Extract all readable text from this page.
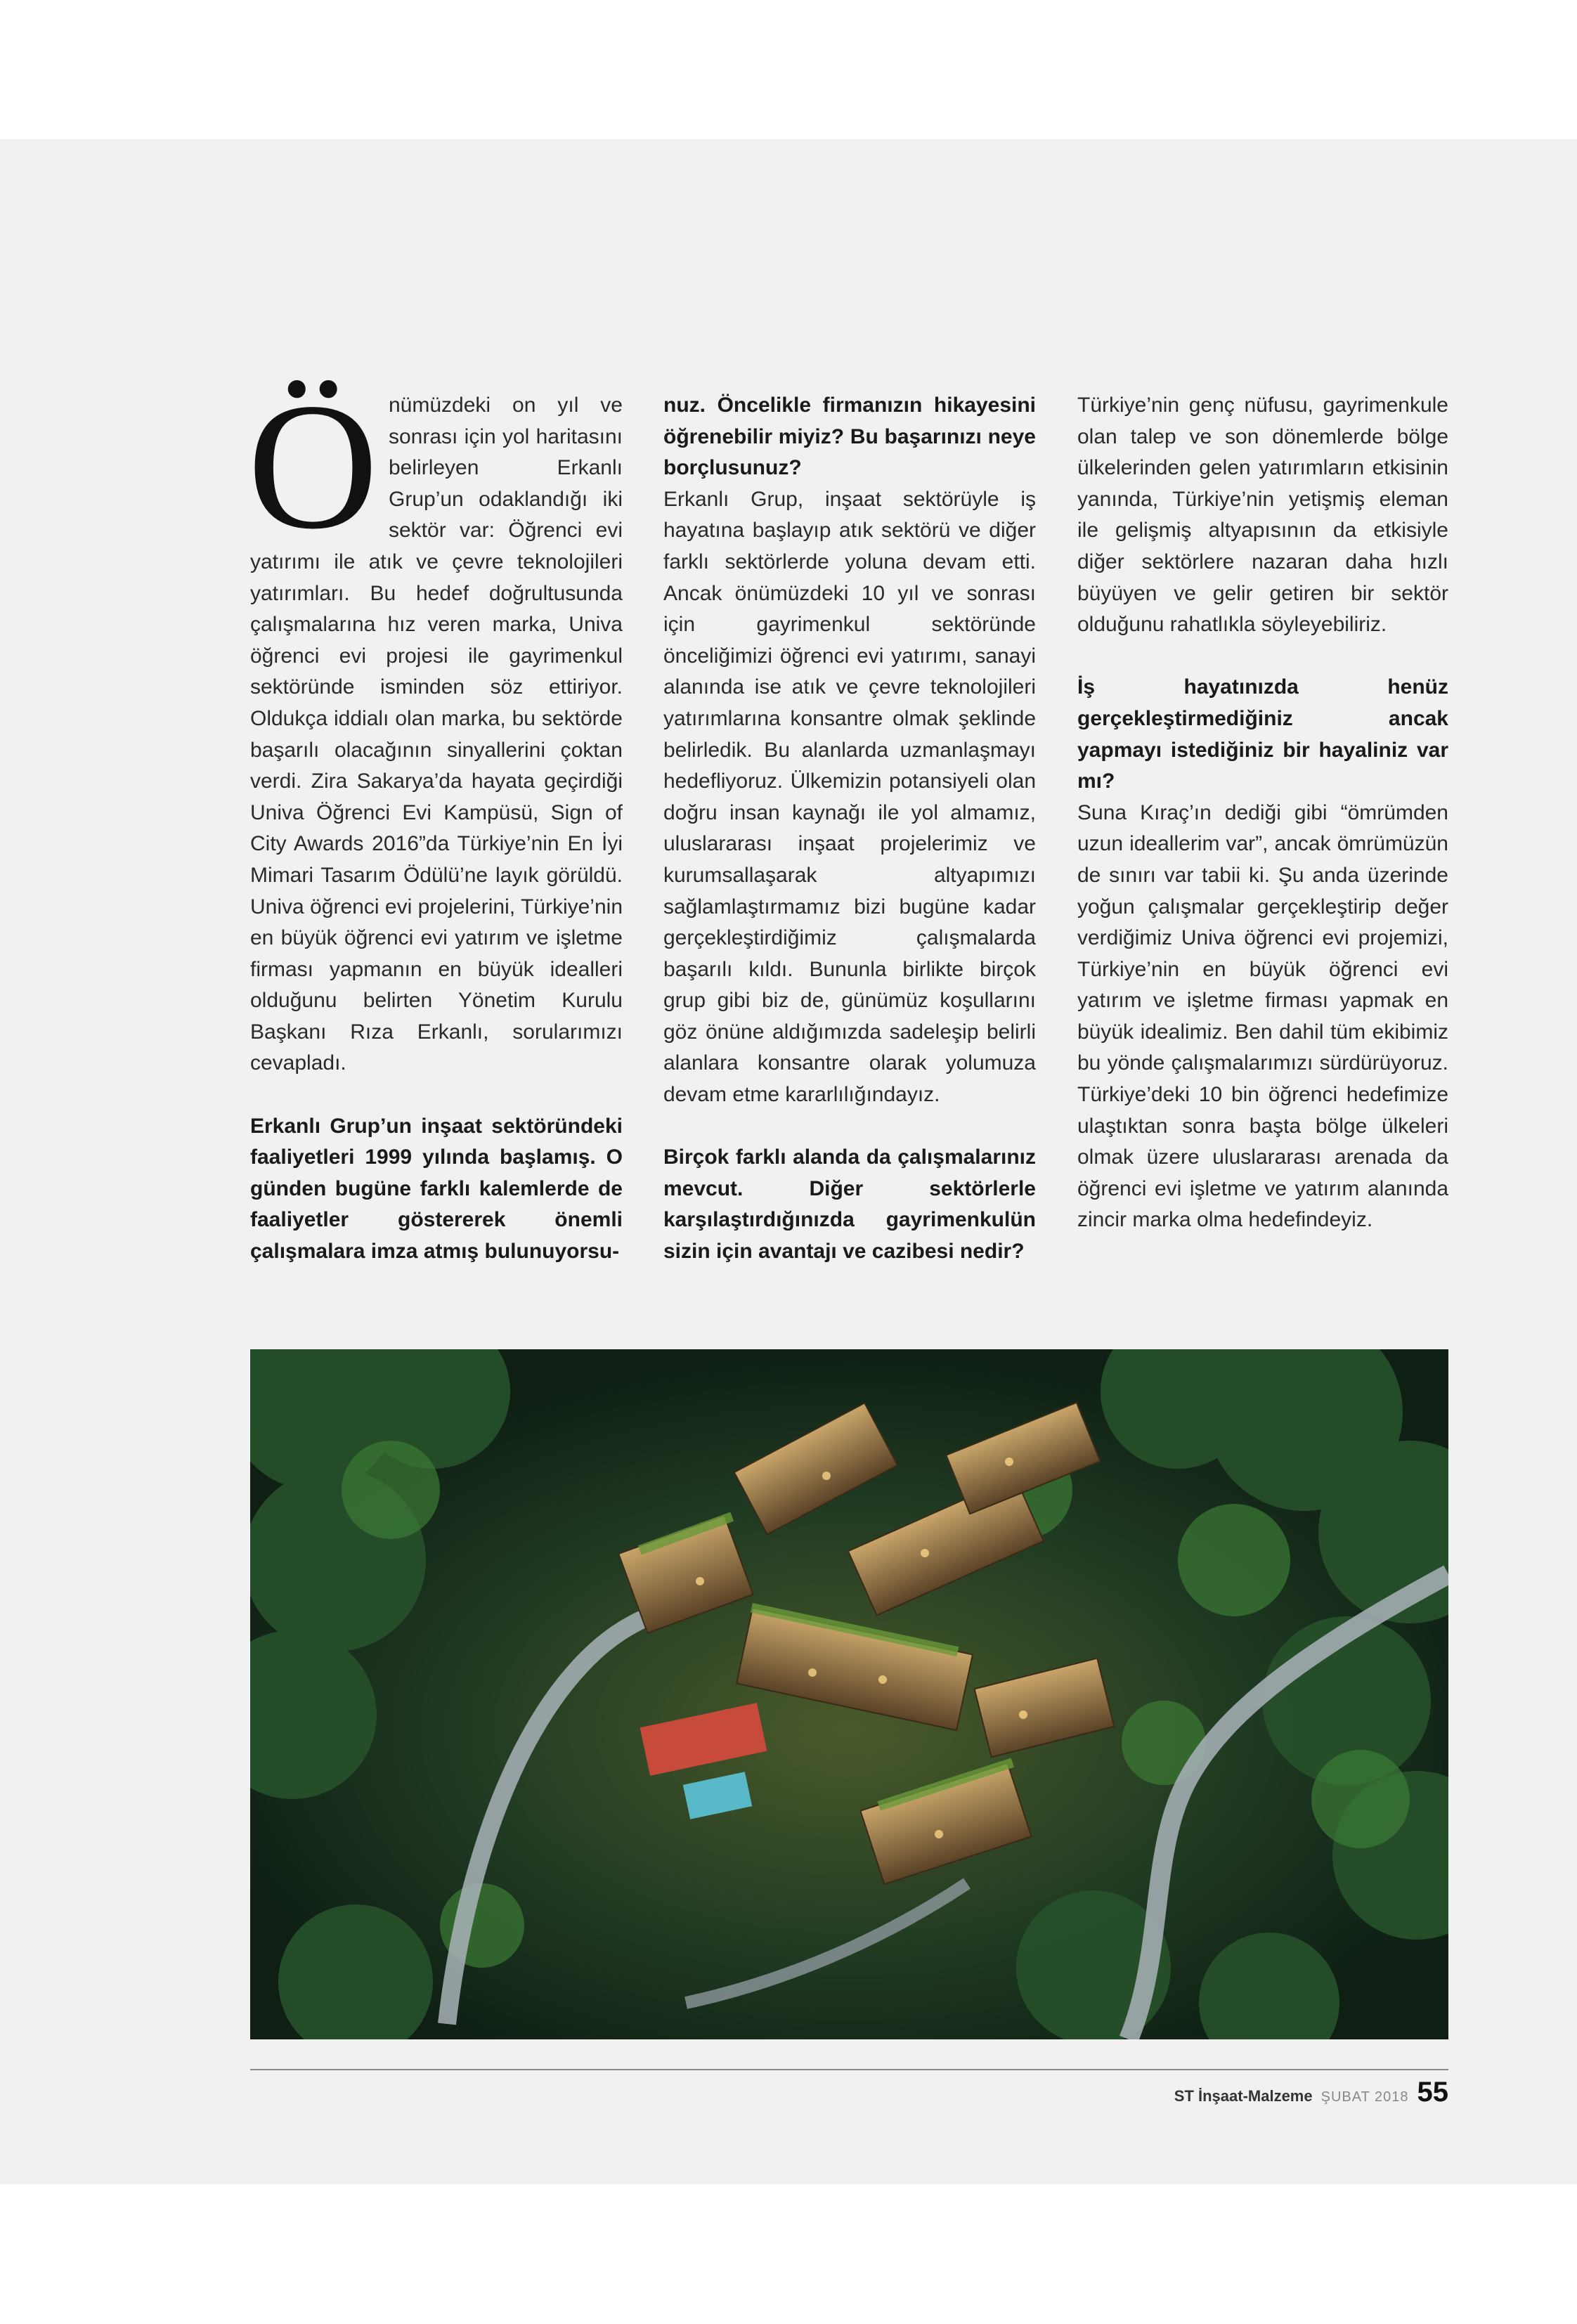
Ö nümüzdeki on yıl ve sonrası için yol haritasını belirleyen Erkanlı Grup’un odaklandığı iki sektör var: Öğrenci evi yatırımı ile atık ve çevre teknolojileri yatırımları. Bu hedef doğrultusunda çalışmalarına hız veren marka, Univa öğrenci evi projesi ile gayrimenkul sektöründe isminden söz ettiriyor. Oldukça iddialı olan marka, bu sektörde başarılı olacağının sinyallerini çoktan verdi. Zira Sakarya’da hayata geçirdiği Univa Öğrenci Evi Kampüsü, Sign of City Awards 2016”da Türkiye’nin En İyi Mimari Tasarım Ödülü’ne layık görüldü. Univa öğrenci evi projelerini, Türkiye’nin en büyük öğrenci evi yatırım ve işletme firması yapmanın en büyük idealleri olduğunu belirten Yönetim Kurulu Başkanı Rıza Erkanlı, sorularımızı cevapladı.

Erkanlı Grup’un inşaat sektöründeki faaliyetleri 1999 yılında başlamış. O günden bugüne farklı kalemlerde de faaliyetler göstererek önemli çalışmalara imza atmış bulunuyorsu-

nuz. Öncelikle firmanızın hikayesini öğrenebilir miyiz? Bu başarınızı neye borçlusunuz?

Erkanlı Grup, inşaat sektörüyle iş hayatına başlayıp atık sektörü ve diğer farklı sektörlerde yoluna devam etti. Ancak önümüzdeki 10 yıl ve sonrası için gayrimenkul sektöründe önceliğimizi öğrenci evi yatırımı, sanayi alanında ise atık ve çevre teknolojileri yatırımlarına konsantre olmak şeklinde belirledik. Bu alanlarda uzmanlaşmayı hedefliyoruz. Ülkemizin potansiyeli olan doğru insan kaynağı ile yol almamız, uluslararası inşaat projelerimiz ve kurumsallaşarak altyapımızı sağlamlaştırmamız bizi bugüne kadar gerçekleştirdiğimiz çalışmalarda başarılı kıldı. Bununla birlikte birçok grup gibi biz de, günümüz koşullarını göz önüne aldığımızda sadeleşip belirli alanlara konsantre olarak yolumuza devam etme kararlılığındayız.

Birçok farklı alanda da çalışmalarınız mevcut. Diğer sektörlerle karşılaştırdığınızda gayrimenkulün sizin için avantajı ve cazibesi nedir?

Türkiye’nin genç nüfusu, gayrimenkule olan talep ve son dönemlerde bölge ülkelerinden gelen yatırımların etkisinin yanında, Türkiye’nin yetişmiş eleman ile gelişmiş altyapısının da etkisiyle diğer sektörlere nazaran daha hızlı büyüyen ve gelir getiren bir sektör olduğunu rahatlıkla söyleyebiliriz.

İş hayatınızda henüz gerçekleştirmediğiniz ancak yapmayı istediğiniz bir hayaliniz var mı?

Suna Kıraç’ın dediği gibi “ömrümden uzun ideallerim var”, ancak ömrümüzün de sınırı var tabii ki. Şu anda üzerinde yoğun çalışmalar gerçekleştirip değer verdiğimiz Univa öğrenci evi projemizi, Türkiye’nin en büyük öğrenci evi yatırım ve işletme firması yapmak en büyük idealimiz. Ben dahil tüm ekibimiz bu yönde çalışmalarımızı sürdürüyoruz. Türkiye’deki 10 bin öğrenci hedefimize ulaştıktan sonra başta bölge ülkeleri olmak üzere uluslararası arenada da öğrenci evi işletme ve yatırım alanında zincir marka olma hedefindeyiz.

ST İnşaat-Malzeme ŞUBAT 2018 55
